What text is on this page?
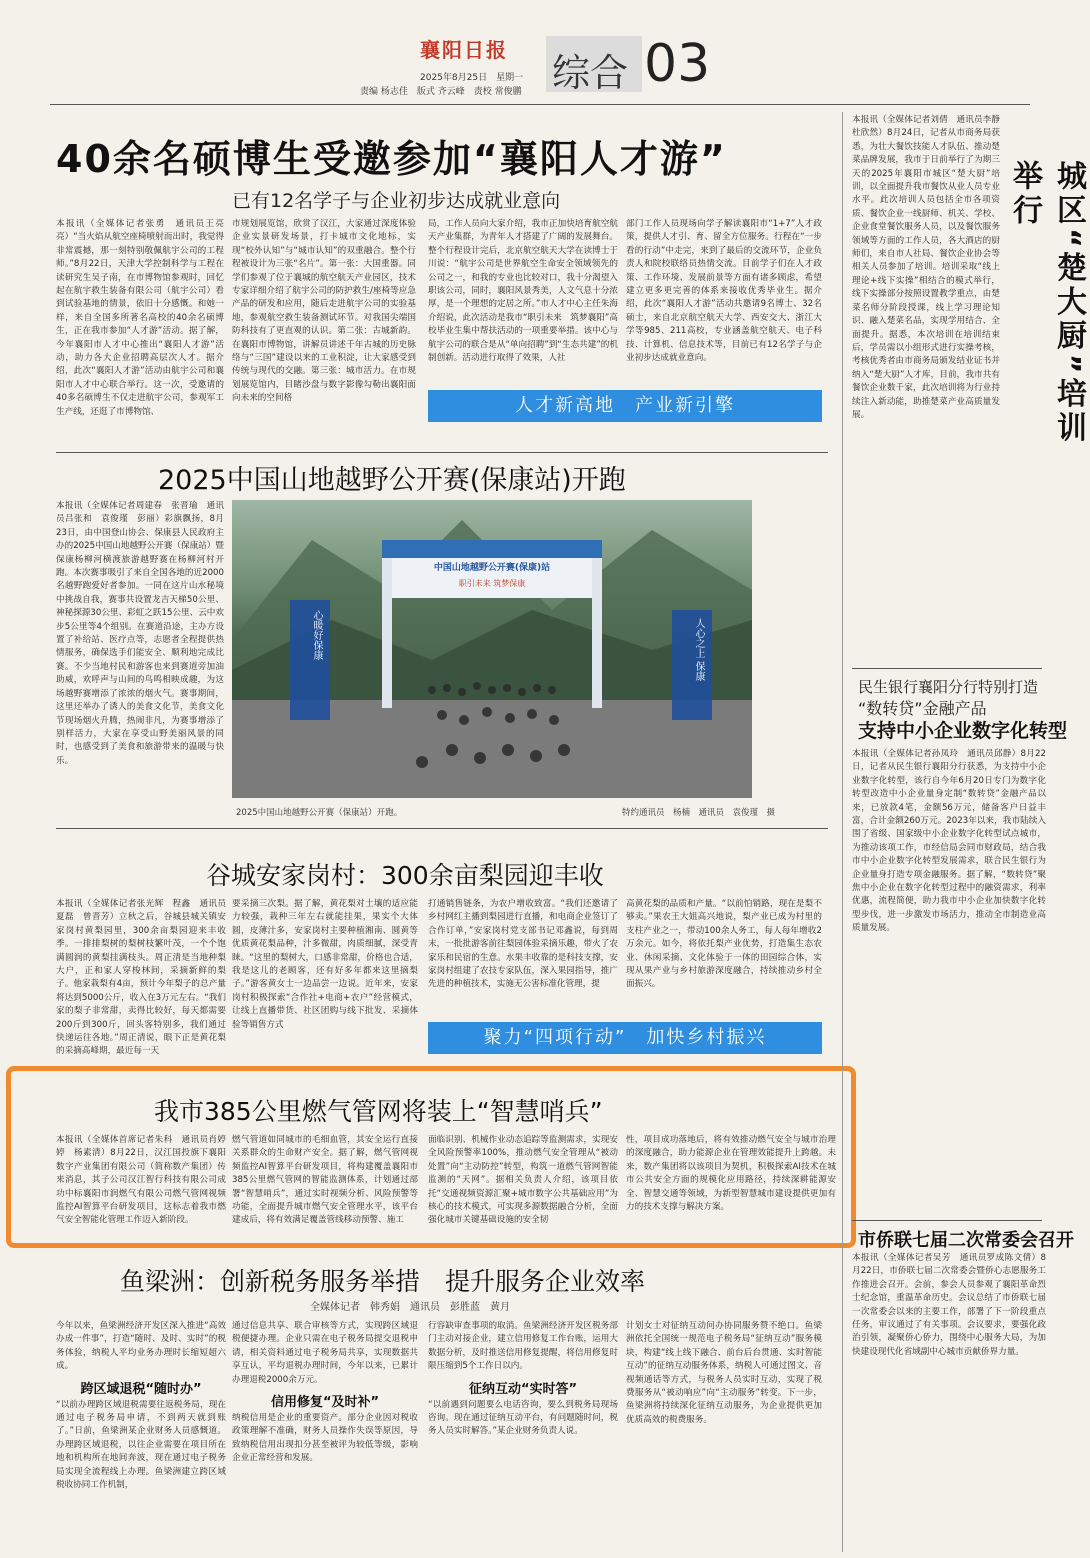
襄阳日报
2025年8月25日　星期一
责编 杨志佳　版式 齐云峰　责校 常俊鹏 综合 03
40余名硕博生受邀参加“襄阳人才游”
已有12名学子与企业初步达成就业意向
本报讯（全媒体记者张勇　通讯员王亮亮）“当火焰从航空座椅喷射而出时，我觉得非常震撼，那一刻特别敬佩航宇公司的工程师。”8月22日，天津大学控制科学与工程在读研究生吴子南，在市博物馆参观时，回忆起在航宇救生装备有限公司（航宇公司）看到试验基地的情景，依旧十分感慨。和她一样，来自全国多所著名高校的40余名硕博生，正在我市参加“人才游”活动。据了解，今年襄阳市人才中心推出“襄阳人才游”活动，助力各大企业招聘高层次人才。据介绍，此次“襄阳人才游”活动由航宇公司和襄阳市人才中心联合举行。这一次，受邀请的40多名硕博生不仅走进航宇公司，参观军工生产线，还逛了市博物馆、
市规划展览馆，欣赏了汉江，大家通过深度体验企业实景研发场景，打卡城市文化地标，实现“校外认知”与“城市认知”的双重融合。整个行程被设计为三张“名片”。第一张：大国重器。同学们参观了位于襄城的航空航天产业园区，技术专家详细介绍了航宇公司的防护救生/座椅等应急产品的研发和应用，随后走进航宇公司的实验基地，参观航空救生装备测试环节。对我国尖端国防科技有了更直观的认识。第二张：古城新韵。在襄阳市博物馆，讲解员讲述千年古城的历史脉络与“三国”建设以来的工业积淀，让大家感受到传统与现代的交融。第三张：城市活力。在市规划展览馆内，目睹沙盘与数字影像勾勒出襄阳面向未来的空间格
局，工作人员向大家介绍，我市正加快培育航空航天产业集群，为青年人才搭建了广阔的发展舞台。整个行程设计完后，北京航空航天大学在读博士于川说：“航宇公司是世界航空生命安全领域领先的公司之一，和我的专业也比较对口，我十分渴望入职该公司，同时，襄阳风景秀美，人文气息十分浓厚，是一个理想的定居之所。”市人才中心主任朱海介绍说，此次活动是我市“职引未来　筑梦襄阳”高校毕业生集中帮扶活动的一项重要举措。该中心与航宇公司的联合是从“单向招聘”到“生态共建”的机制创新。活动进行取得了效果，人社
部门工作人员现场向学子解读襄阳市“1+7”人才政策，提供人才引、育、留全方位服务。行程在“一步看的行动”中走完，来到了最后的交流环节，企业负责人和院校联络员热情交流。目前学子们在人才政策、工作环境、发展前景等方面有诸多顾虑，希望建立更多更完善的体系来接收优秀毕业生。据介绍，此次“襄阳人才游”活动共邀请9名博士、32名硕士，来自北京航空航天大学、西安交大、浙江大学等985、211高校，专业涵盖航空航天、电子科技、计算机、信息技术等，目前已有12名学子与企业初步达成就业意向。
人才新高地　产业新引擎
2025中国山地越野公开赛(保康站)开跑
本报讯（全媒体记者周建春　张晋瑜　通讯员吕张和　袁俊瑾　彭丽）彩旗飘扬，8月23日，由中国登山协会、保康县人民政府主办的2025中国山地越野公开赛（保康站）暨保康杨柳河横渡旅游越野赛在杨柳河村开跑。本次赛事吸引了来自全国各地的近2000名越野跑爱好者参加。一同在这片山水秘境中挑战自我，赛事共设置龙吉天梯50公里、神秘探源30公里、彩虹之跃15公里、云中欢步5公里等4个组别。在赛道沿途，主办方设置了补给站、医疗点等，志愿者全程提供热情服务，确保选手们能安全、顺利地完成比赛。不少当地村民和游客也来到赛道旁加油助威，欢呼声与山间的鸟鸣相映成趣，为这场越野赛增添了浓浓的烟火气。赛事期间，这里还举办了诱人的美食文化节，美食文化节现场烟火升腾，热闹非凡，为赛事增添了别样活力，大家在享受山野美丽风景的同时，也感受到了美食和旅游带来的温暖与快乐。
中国山地越野公开赛(保康)站
职引未来 筑梦保康
心暖好保康	人心之上 保康
2025中国山地越野公开赛（保康站）开跑。	特约通讯员　杨楠　通讯员　袁俊瑾　摄
谷城安家岗村：300余亩梨园迎丰收
本报讯（全媒体记者张光辉　程鑫　通讯员夏磊　曾晋芳）立秋之后，谷城县城关镇安家岗村黄梨园里，300余亩梨园迎来丰收季。一排排梨树的梨树枝繁叶茂，一个个饱满圆润的黄梨挂满枝头。周正清是当地种梨大户，正和家人穿梭林间，采摘新鲜的梨子。他家栽梨有4亩，预计今年梨子的总产量将达到5000公斤，收入在3万元左右。“我们家的梨子非常甜，卖得比较好，每天都需要200斤到300斤，回头客特别多，我们通过快递运往各地。”周正清说，眼下正是黄花梨的采摘高峰期，最近每一天
要采摘三次梨。据了解，黄花梨对土壤的适应能力较强，栽种三年左右就能挂果，果实个大体圆，皮薄汁多，安家岗村主要种植湘南、圆黄等优质黄花梨品种，汁多微甜，肉质细腻，深受青睐。“这里的梨树大，口感非常甜，价格也合适，我是这儿的老顾客，还有好多年都来这里摘梨子。”游客黄女士一边品尝一边说。近年来，安家岗村积极探索“合作社+电商+农户”经营模式，让线上直播带货、社区团购与线下批发、采摘体验等销售方式
打通销售链条，为农户增收致富。“我们还邀请了乡村网红主播到梨园进行直播，和电商企业签订了合作订单，”安家岗村党支部书记邓鑫说，每到周末，一批批游客前往梨园体验采摘乐趣，带火了农家乐和民宿的生意。水果丰收靠的是科技支撑，安家岗村组建了农技专家队伍，深入果园指导，推广先进的种植技术，实施无公害标准化管理，提
高黄花梨的品质和产量。“以前怕销路，现在是梨不够卖。”果农王大姐高兴地说，梨产业已成为村里的支柱产业之一，带动100余人务工，每人每年增收2万余元。如今，将依托梨产业优势，打造集生态农业、休闲采摘、文化体验于一体的田园综合体，实现从果产业与乡村旅游深度融合，持续推动乡村全面振兴。
聚力“四项行动”　加快乡村振兴
我市385公里燃气管网将装上“智慧哨兵”
本报讯（全媒体首席记者朱科　通讯员肖婷婷　杨素清）8月22日，汉江国投旗下襄阳数字产业集团有限公司（简称数产集团）传来消息，其子公司汉江智行科技有限公司成功中标襄阳市润燃气有限公司燃气管网视频监控AI智算平台研发项目，这标志着我市燃气安全智能化管理工作迈入新阶段。
燃气管道如同城市的毛细血管，其安全运行直接关系群众的生命财产安全。据了解，燃气管网视频监控AI智算平台研发项目，将构建覆盖襄阳市385公里燃气管网的智能监测体系，计划通过部署“智慧哨兵”，通过实时视频分析、风险预警等功能，全面提升城市燃气安全管理水平，该平台建成后，将有效满足覆盖管线移动预警、施工
面临识别、机械作业动态追踪等监测需求，实现安全风险预警率100%，推动燃气安全管理从“被动处置”向“主动防控”转型，构筑一道燃气管网智能监测的“天网”。据相关负责人介绍，该项目依托“交通视频资源汇聚+城市数字公共基础应用”为核心的技术模式，可实现多源数据融合分析，全面强化城市关键基础设施的安全韧
性，项目成功落地后，将有效推动燃气安全与城市治理的深度融合，助力能源企业在管理效能提升上跨越。未来，数产集团将以该项目为契机，积极探索AI技术在城市公共安全方面的规模化应用路径，持续深耕能源安全、智慧交通等领域，为新型智慧城市建设提供更加有力的技术支撑与解决方案。
鱼梁洲：创新税务服务举措　提升服务企业效率
全媒体记者　韩秀娟　通讯员　彭胜蓝　黄月
今年以来，鱼梁洲经济开发区深入推进“高效办成一件事”，打造“随时、及时、实时”的税务体验，纳税人平均业务办理时长缩短超六成。
跨区域退税“随时办”
“以前办理跨区域退税需要往返税务局，现在通过电子税务局申请，不到两天就到账了。”日前，鱼梁洲某企业财务人员感慨道。办理跨区域退税，以往企业需要在项目所在地和机构所在地间奔波，现在通过电子税务局实现全流程线上办理。鱼梁洲建立跨区域税收协同工作机制，
通过信息共享、联合审核等方式，实现跨区域退税便捷办理。企业只需在电子税务局提交退税申请，相关资料通过电子税务局共享，实现数据共享互认，平均退税办理时间，今年以来，已累计办理退税2000余万元。
信用修复“及时补”
纳税信用是企业的重要资产。部分企业因对税收政策理解不准确，财务人员操作失误等原因，导致纳税信用出现扣分甚至被评为较低等级，影响企业正常经营和发展。
行容缺审查事项的取消。鱼梁洲经济开发区税务部门主动对接企业，建立信用修复工作台账，运用大数据分析，及时推送信用修复提醒，将信用修复时限压缩到5个工作日以内。
征纳互动“实时答”
“以前遇到问题要么电话咨询，要么到税务局现场咨询。现在通过征纳互动平台，有问题随时问，税务人员实时解答。”某企业财务负责人说。
计划女士对征纳互动问办协同服务赞不绝口。鱼梁洲依托全国统一规范电子税务局“征纳互动”服务模块，构建“线上线下融合、前台后台贯通、实时智能互动”的征纳互动服务体系，纳税人可通过图文、音视频通话等方式，与税务人员实时互动，实现了税费服务从“被动响应”向“主动服务”转变。下一步，鱼梁洲将持续深化征纳互动服务，为企业提供更加优质高效的税费服务。
本报讯（全媒体记者刘倩　通讯员李静　杜欣然）8月24日，记者从市商务局获悉，为壮大餐饮技能人才队伍、推动楚菜品牌发展，我市于日前举行了为期三天的2025年襄阳市城区“楚大厨”培训，以全面提升我市餐饮从业人员专业水平。此次培训人员包括全市各项资质、餐饮企业一线厨师、机关、学校、企业食堂餐饮服务人员，以及餐饮服务领域等方面的工作人员，各大酒店的厨师们，来自市人社局、餐饮企业协会等相关人员参加了培训。培训采取“线上理论+线下实操”相结合的模式举行，线下实操部分按照设置教学重点，由楚菜名师分阶段授课，线上学习理论知识、融入楚菜名品，实现学用结合、全面提升。据悉，本次培训在培训结束后，学员需以小组形式进行实操考核，考核优秀者由市商务局颁发结业证书并纳入“楚大厨”人才库，目前，我市共有餐饮企业数千家，此次培训将为行业持续注入新动能，助推楚菜产业高质量发展。	城区“楚大厨”培训举行
民生银行襄阳分行特别打造
“数转贷”金融产品
支持中小企业数字化转型
本报讯（全媒体记者孙凤玲　通讯员邱静）8月22日，记者从民生银行襄阳分行获悉，为支持中小企业数字化转型，该行自今年6月20日专门为数字化转型改造中小企业量身定制“数转贷”金融产品以来，已放款4笔，金额56万元，储备客户日益丰富，合计金额260万元。2023年以来，我市陆续入围了省级、国家级中小企业数字化转型试点城市，为推动该项工作，市经信局会同市财政局，结合我市中小企业数字化转型发展需求，联合民生银行为企业量身打造专项金融服务。据了解，“数转贷”聚焦中小企业在数字化转型过程中的融资需求，利率优惠，流程简便，助力我市中小企业加快数字化转型步伐，进一步激发市场活力，推动全市制造业高质量发展。
市侨联七届二次常委会召开
本报讯（全媒体记者吴芳　通讯员罗成陈文倩）8月22日，市侨联七届二次常委会暨侨心志愿服务工作推进会召开。会前，参会人员参观了襄阳革命烈士纪念馆，重温革命历史。会议总结了市侨联七届一次常委会以来的主要工作，部署了下一阶段重点任务，审议通过了有关事项。会议要求，要强化政治引领，凝聚侨心侨力，围绕中心服务大局，为加快建设现代化省域副中心城市贡献侨界力量。
